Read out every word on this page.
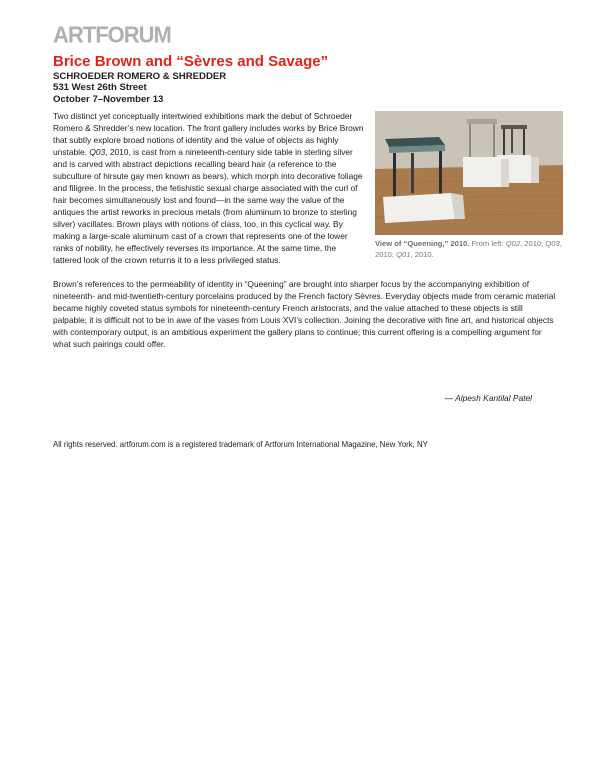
ARTFORUM
Brice Brown and “Sèvres and Savage”
SCHROEDER ROMERO & SHREDDER
531 West 26th Street
October 7–November 13
View of “Queening,” 2010. From left: Q02, 2010; Q03, 2010; Q01, 2010.

Two distinct yet conceptually intertwined exhibitions mark the debut of Schroeder Romero & Shredder’s new location. The front gallery includes works by Brice Brown that subtly explore broad notions of identity and the value of objects as highly unstable. Q03, 2010, is cast from a nineteenth-century side table in sterling silver and is carved with abstract depictions recalling beard hair (a reference to the subculture of hirsute gay men known as bears), which morph into decorative foliage and filigree. In the process, the fetishistic sexual charge associated with the curl of hair becomes simultaneously lost and found—in the same way the value of the antiques the artist reworks in precious metals (from aluminum to bronze to sterling silver) vacillates. Brown plays with notions of class, too, in this cyclical way. By making a large-scale aluminum cast of a crown that represents one of the lower ranks of nobility, he effectively reverses its importance. At the same time, the tattered look of the crown returns it to a less privileged status.

Brown’s references to the permeability of identity in “Queening” are brought into sharper focus by the accompanying exhibition of nineteenth- and mid-twentieth-century porcelains produced by the French factory Sèvres. Everyday objects made from ceramic material became highly coveted status symbols for nineteenth-century French aristocrats, and the value attached to these objects is still palpable; it is difficult not to be in awe of the vases from Louis XVI’s collection. Joining the decorative with fine art, and historical objects with contemporary output, is an ambitious experiment the gallery plans to continue; this current offering is a compelling argument for what such pairings could offer.

— Alpesh Kantilal Patel
All rights reserved. artforum.com is a registered trademark of Artforum International Magazine, New York, NY
